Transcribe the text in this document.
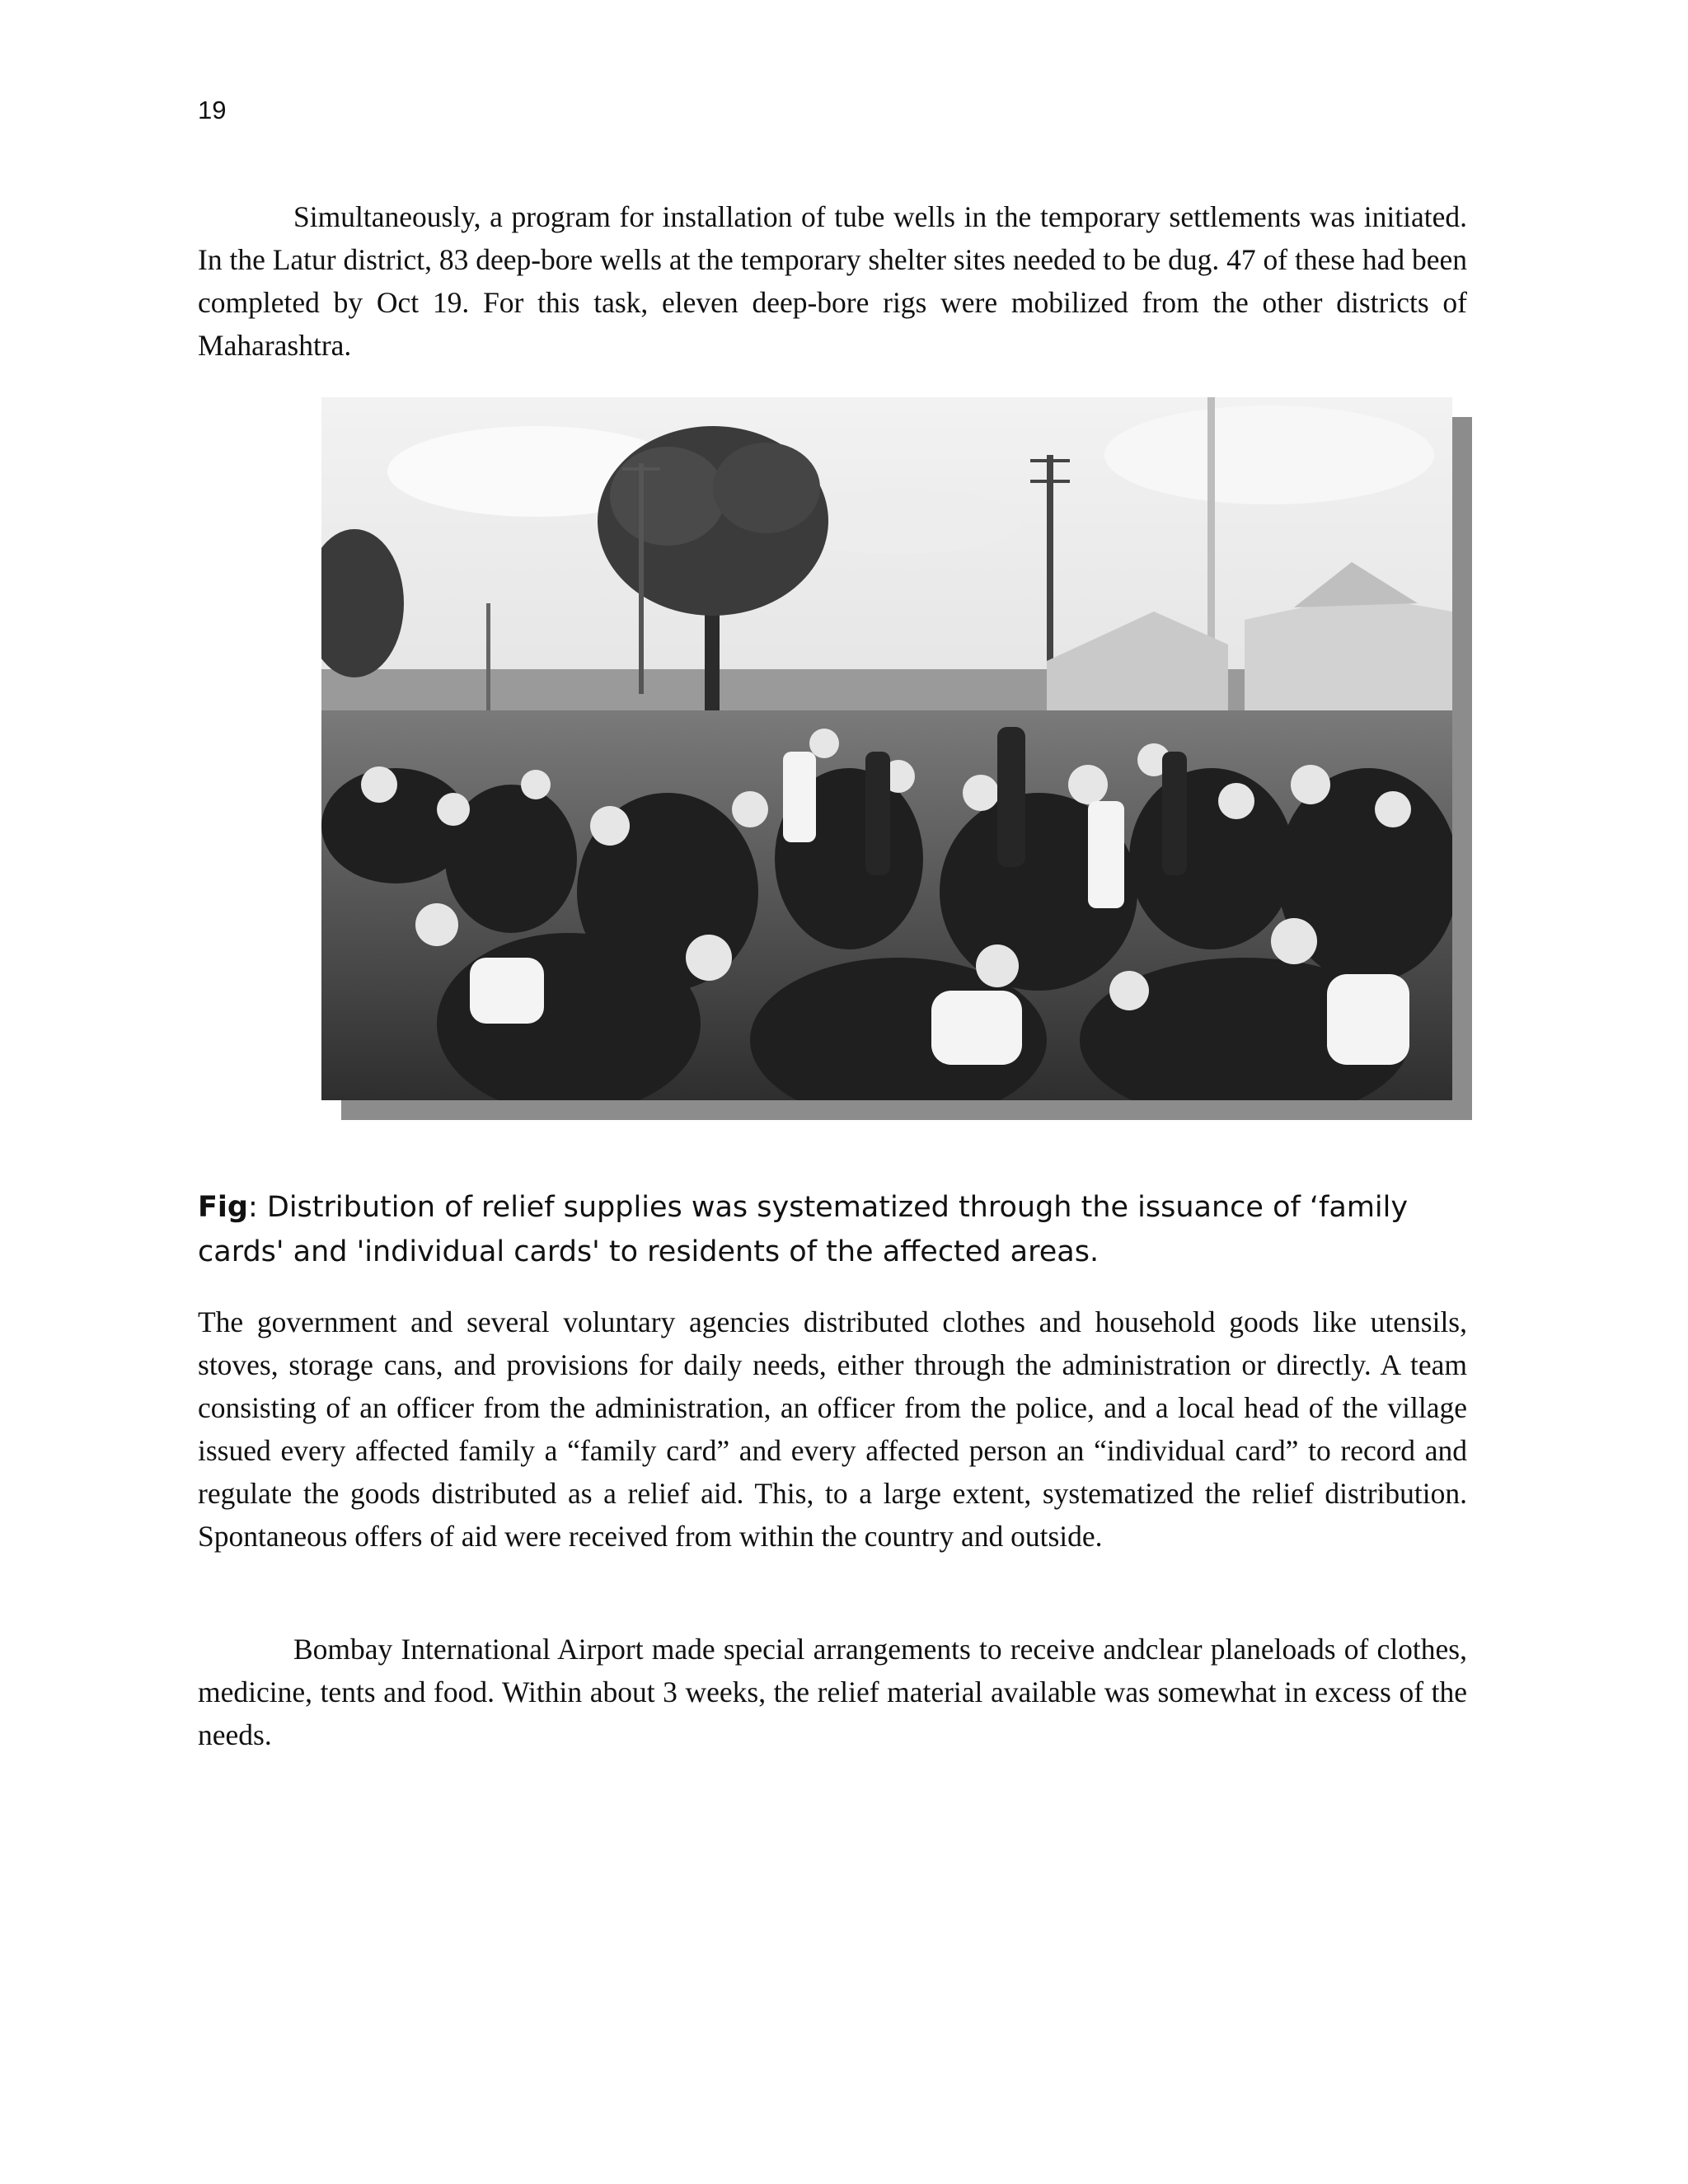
19

Simultaneously, a program for installation of tube wells in the temporary settlements was initiated. In the Latur district, 83 deep-bore wells at the temporary shelter sites needed to be dug. 47 of these had been completed by Oct 19. For this task, eleven deep-bore rigs were mobilized from the other districts of Maharashtra.

Fig: Distribution of relief supplies was systematized through the issuance of ‘family cards' and 'individual cards' to residents of the affected areas.

The government and several voluntary agencies distributed clothes and household goods like utensils, stoves, storage cans, and provisions for daily needs, either through the administration or directly. A team consisting of an officer from the administration, an officer from the police, and a local head of the village issued every affected family a “family card” and every affected person an “individual card” to record and regulate the goods distributed as a relief aid. This, to a large extent, systematized the relief distribution. Spontaneous offers of aid were received from within the country and outside.

Bombay International Airport made special arrangements to receive andclear planeloads of clothes, medicine, tents and food. Within about 3 weeks, the relief material available was somewhat in excess of the needs.
